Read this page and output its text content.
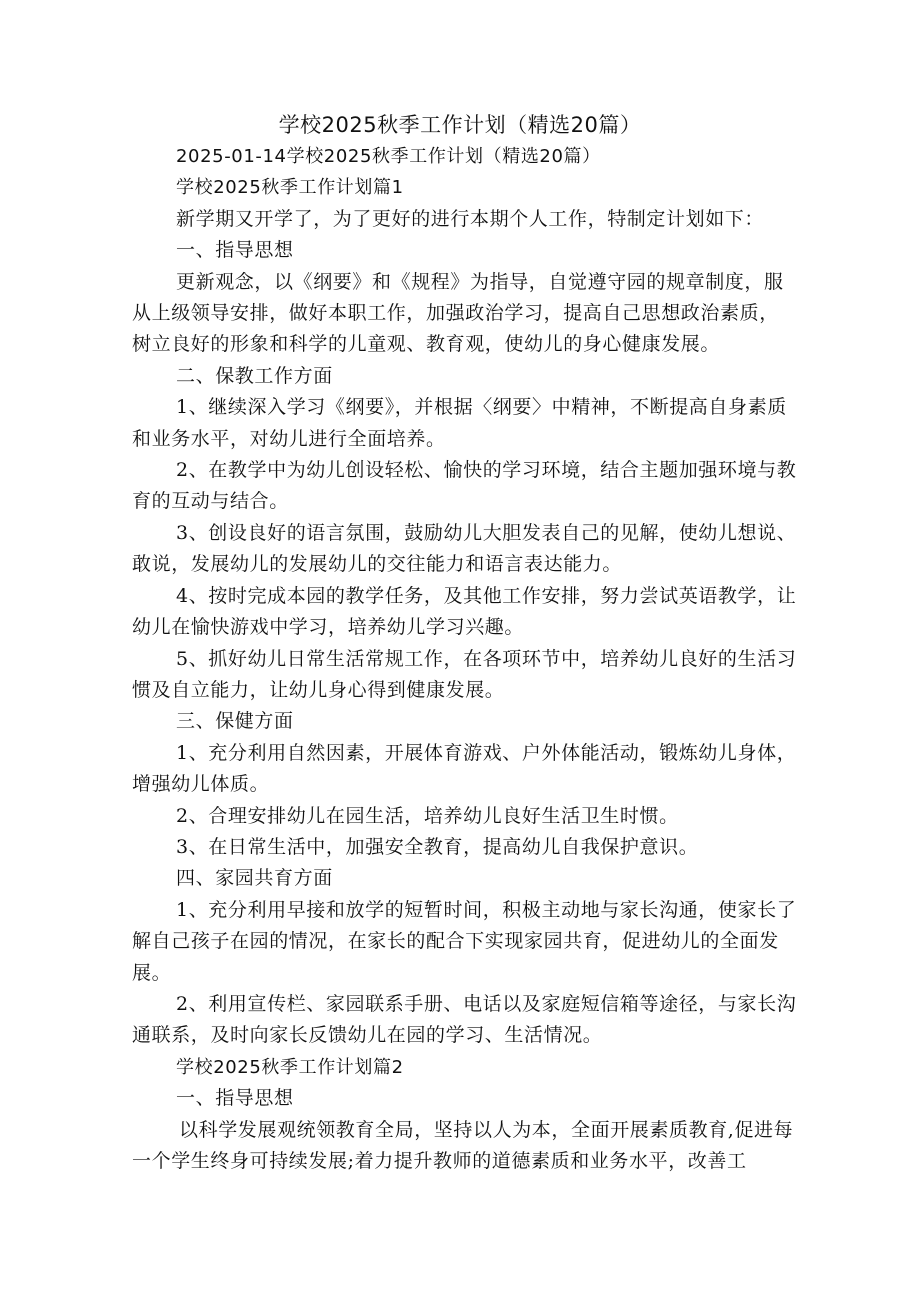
学校2025秋季工作计划（精选20篇）

2025-01-14学校2025秋季工作计划（精选20篇）

学校2025秋季工作计划篇1

新学期又开学了，为了更好的进行本期个人工作，特制定计划如下：

一、指导思想

更新观念，以《纲要》和《规程》为指导，自觉遵守园的规章制度，服从上级领导安排，做好本职工作，加强政治学习，提高自己思想政治素质，树立良好的形象和科学的儿童观、教育观，使幼儿的身心健康发展。

二、保教工作方面

1、继续深入学习《纲要》，并根据〈纲要〉中精神，不断提高自身素质和业务水平，对幼儿进行全面培养。

2、在教学中为幼儿创设轻松、愉快的学习环境，结合主题加强环境与教育的互动与结合。

3、创设良好的语言氛围，鼓励幼儿大胆发表自己的见解，使幼儿想说、敢说，发展幼儿的发展幼儿的交往能力和语言表达能力。

4、按时完成本园的教学任务，及其他工作安排，努力尝试英语教学，让幼儿在愉快游戏中学习，培养幼儿学习兴趣。

5、抓好幼儿日常生活常规工作，在各项环节中，培养幼儿良好的生活习惯及自立能力，让幼儿身心得到健康发展。

三、保健方面

1、充分利用自然因素，开展体育游戏、户外体能活动，锻炼幼儿身体，增强幼儿体质。

2、合理安排幼儿在园生活，培养幼儿良好生活卫生时惯。

3、在日常生活中，加强安全教育，提高幼儿自我保护意识。

四、家园共育方面

1、充分利用早接和放学的短暂时间，积极主动地与家长沟通，使家长了解自己孩子在园的情况，在家长的配合下实现家园共育，促进幼儿的全面发展。

2、利用宣传栏、家园联系手册、电话以及家庭短信箱等途径，与家长沟通联系，及时向家长反馈幼儿在园的学习、生活情况。

学校2025秋季工作计划篇2

一、指导思想

以科学发展观统领教育全局，坚持以人为本，全面开展素质教育,促进每一个学生终身可持续发展;着力提升教师的道德素质和业务水平，改善工
